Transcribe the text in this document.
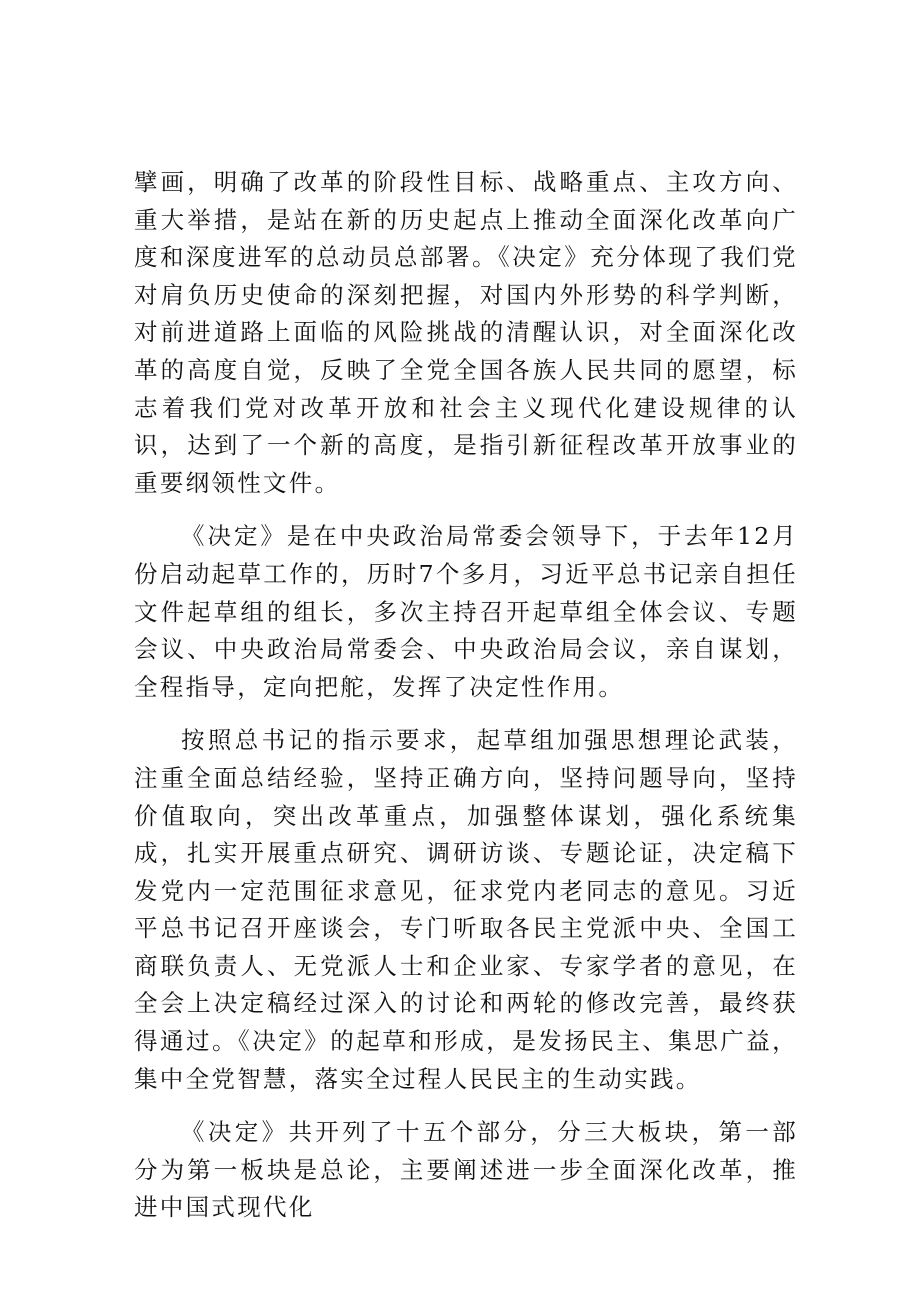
擘画，明确了改革的阶段性目标、战略重点、主攻方向、重大举措，是站在新的历史起点上推动全面深化改革向广度和深度进军的总动员总部署。《决定》充分体现了我们党对肩负历史使命的深刻把握，对国内外形势的科学判断，对前进道路上面临的风险挑战的清醒认识，对全面深化改革的高度自觉，反映了全党全国各族人民共同的愿望，标志着我们党对改革开放和社会主义现代化建设规律的认识，达到了一个新的高度，是指引新征程改革开放事业的重要纲领性文件。

《决定》是在中央政治局常委会领导下，于去年12月份启动起草工作的，历时7个多月，习近平总书记亲自担任文件起草组的组长，多次主持召开起草组全体会议、专题会议、中央政治局常委会、中央政治局会议，亲自谋划，全程指导，定向把舵，发挥了决定性作用。

按照总书记的指示要求，起草组加强思想理论武装，注重全面总结经验，坚持正确方向，坚持问题导向，坚持价值取向，突出改革重点，加强整体谋划，强化系统集成，扎实开展重点研究、调研访谈、专题论证，决定稿下发党内一定范围征求意见，征求党内老同志的意见。习近平总书记召开座谈会，专门听取各民主党派中央、全国工商联负责人、无党派人士和企业家、专家学者的意见，在全会上决定稿经过深入的讨论和两轮的修改完善，最终获得通过。《决定》的起草和形成，是发扬民主、集思广益，集中全党智慧，落实全过程人民民主的生动实践。

《决定》共开列了十五个部分，分三大板块，第一部分为第一板块是总论，主要阐述进一步全面深化改革，推进中国式现代化
